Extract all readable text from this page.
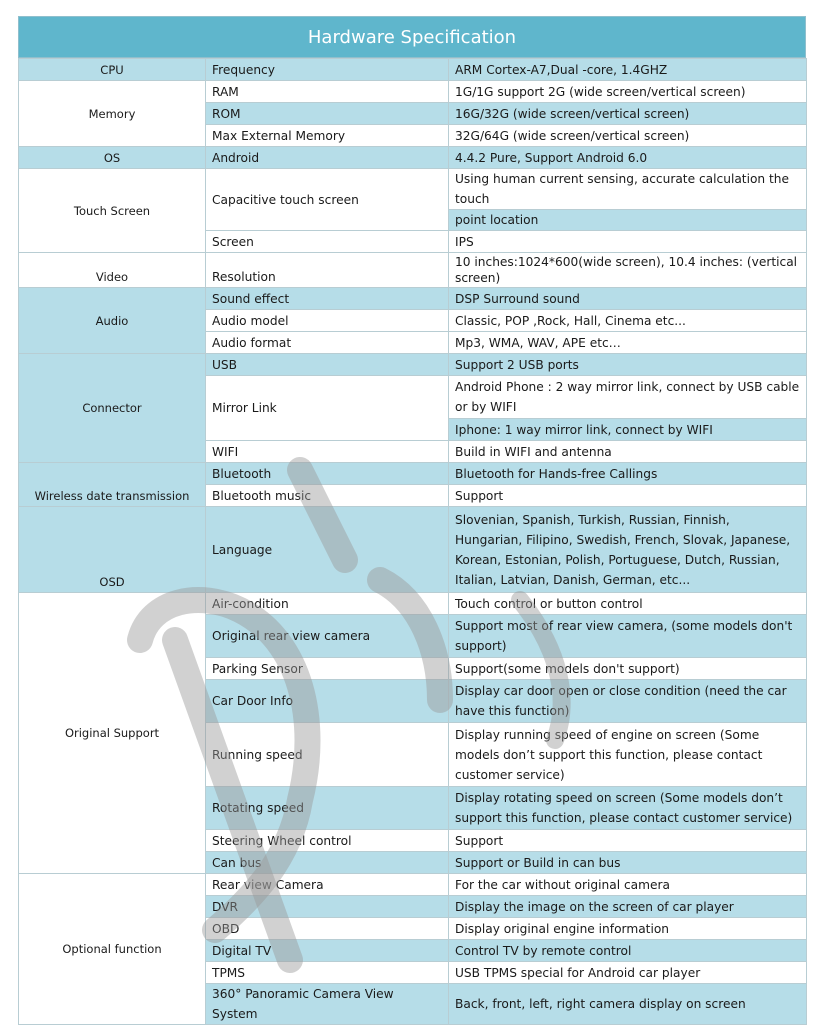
Hardware Specification
CPU	Frequency	ARM Cortex-A7,Dual -core, 1.4GHZ
Memory	RAM	1G/1G support 2G (wide screen/vertical screen)
	ROM	16G/32G (wide screen/vertical screen)
	Max External Memory	32G/64G (wide screen/vertical screen)
OS	Android	4.4.2 Pure, Support Android 6.0
Touch Screen	Capacitive touch screen	Using human current sensing, accurate calculation the touch
		point location
	Screen	IPS
Video	Resolution	10 inches:1024*600(wide screen), 10.4 inches: (vertical screen)
Audio	Sound effect	DSP Surround sound
	Audio model	Classic, POP ,Rock, Hall, Cinema etc...
	Audio format	Mp3, WMA, WAV, APE etc…
Connector	USB	Support 2 USB ports
	Mirror Link	Android Phone : 2 way mirror link, connect by USB cable or by WIFI
		Iphone: 1 way mirror link, connect by WIFI
	WIFI	Build in WIFI and antenna
Wireless date transmission	Bluetooth	Bluetooth for Hands-free Callings
	Bluetooth music	Support
OSD	Language	Slovenian, Spanish, Turkish, Russian, Finnish, Hungarian, Filipino, Swedish, French, Slovak, Japanese, Korean, Estonian, Polish, Portuguese, Dutch, Russian, Italian, Latvian, Danish, German, etc...
Original Support	Air-condition	Touch control or button control
	Original rear view camera	Support most of rear view camera, (some models don't support)
	Parking Sensor	Support(some models don't support)
	Car Door Info	Display car door open or close condition (need the car have this function)
	Running speed	Display running speed of engine on screen (Some models don’t support this function, please contact customer service)
	Rotating speed	Display rotating speed on screen (Some models don’t support this function, please contact customer service)
	Steering Wheel control	Support
	Can bus	Support or Build in can bus
Optional function	Rear view Camera	For the car without original camera
	DVR	Display the image on the screen of car player
	OBD	Display original engine information
	Digital TV	Control TV by remote control
	TPMS	USB TPMS special for Android car player
	360° Panoramic Camera View System	Back, front, left, right camera display on screen
